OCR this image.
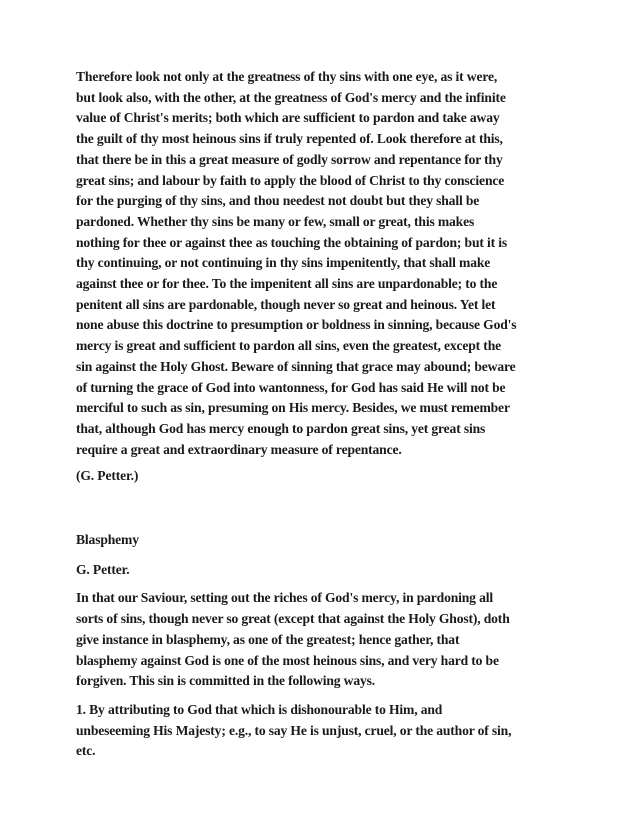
Therefore look not only at the greatness of thy sins with one eye, as it were,
but look also, with the other, at the greatness of God's mercy and the infinite
value of Christ's merits; both which are sufficient to pardon and take away
the guilt of thy most heinous sins if truly repented of. Look therefore at this,
that there be in this a great measure of godly sorrow and repentance for thy
great sins; and labour by faith to apply the blood of Christ to thy conscience
for the purging of thy sins, and thou needest not doubt but they shall be
pardoned. Whether thy sins be many or few, small or great, this makes
nothing for thee or against thee as touching the obtaining of pardon; but it is
thy continuing, or not continuing in thy sins impenitently, that shall make
against thee or for thee. To the impenitent all sins are unpardonable; to the
penitent all sins are pardonable, though never so great and heinous. Yet let
none abuse this doctrine to presumption or boldness in sinning, because God's
mercy is great and sufficient to pardon all sins, even the greatest, except the
sin against the Holy Ghost. Beware of sinning that grace may abound; beware
of turning the grace of God into wantonness, for God has said He will not be
merciful to such as sin, presuming on His mercy. Besides, we must remember
that, although God has mercy enough to pardon great sins, yet great sins
require a great and extraordinary measure of repentance.

(G. Petter.)

Blasphemy

G. Petter.

In that our Saviour, setting out the riches of God's mercy, in pardoning all
sorts of sins, though never so great (except that against the Holy Ghost), doth
give instance in blasphemy, as one of the greatest; hence gather, that
blasphemy against God is one of the most heinous sins, and very hard to be
forgiven. This sin is committed in the following ways.

1. By attributing to God that which is dishonourable to Him, and
unbeseeming His Majesty; e.g., to say He is unjust, cruel, or the author of sin,
etc.
